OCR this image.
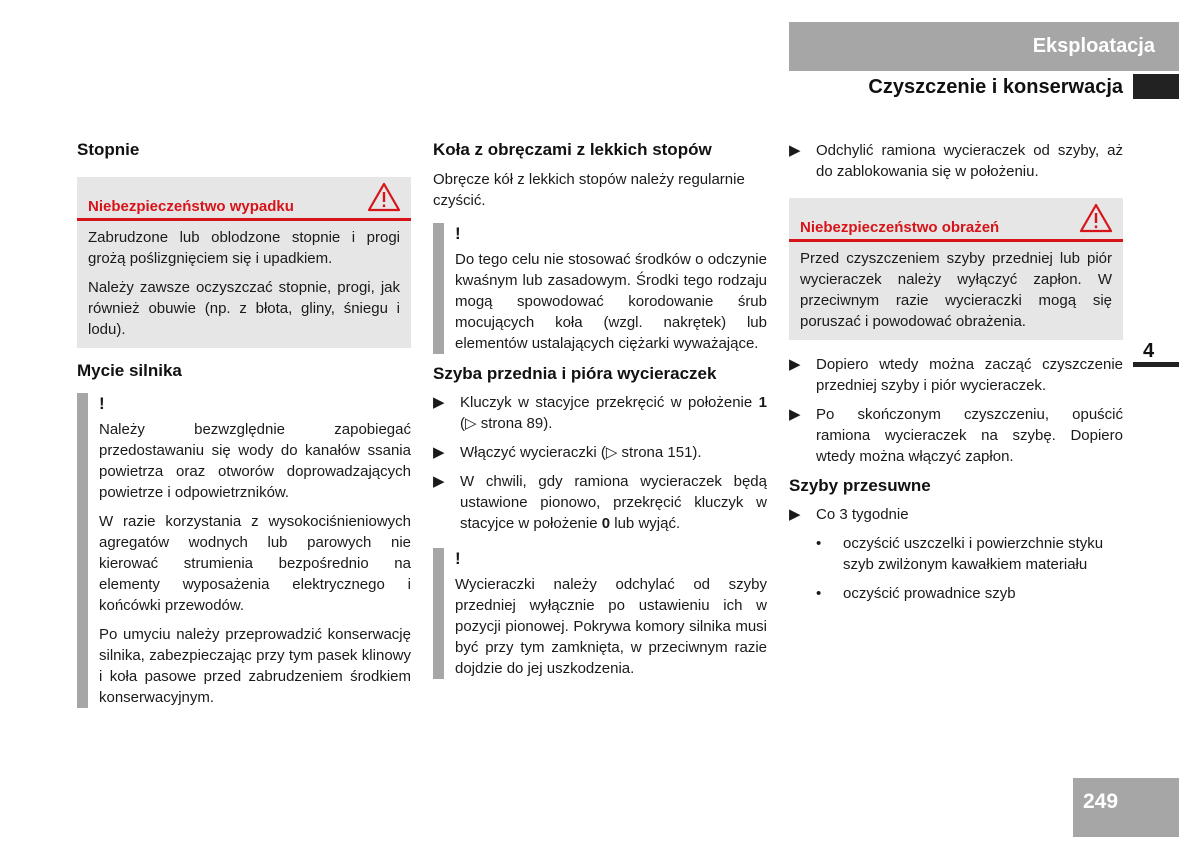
Eksploatacja
Czyszczenie i konserwacja
4
249
Stopnie
Niebezpieczeństwo wypadku

Zabrudzone lub oblodzone stopnie i progi grożą poślizgnięciem się i upadkiem.

Należy zawsze oczyszczać stopnie, progi, jak również obuwie (np. z błota, gliny, śniegu i lodu).

Mycie silnika
!

Należy bezwzględnie zapobiegać przedostawaniu się wody do kanałów ssania powietrza oraz otworów doprowadzających powietrze i odpowietrzników.

W razie korzystania z wysokociśnieniowych agregatów wodnych lub parowych nie kierować strumienia bezpośrednio na elementy wyposażenia elektrycznego i końcówki przewodów.

Po umyciu należy przeprowadzić konserwację silnika, zabezpieczając przy tym pasek klinowy i koła pasowe przed zabrudzeniem środkiem konserwacyjnym.

Koła z obręczami z lekkich stopów

Obręcze kół z lekkich stopów należy regularnie czyścić.

!

Do tego celu nie stosować środków o odczynie kwaśnym lub zasadowym. Środki tego rodzaju mogą spowodować korodowanie śrub mocujących koła (wzgl. nakrętek) lub elementów ustalających ciężarki wyważające.

Szyba przednia i pióra wycieraczek
▶	Kluczyk w stacyjce przekręcić w położenie 1 (▷ strona 89).

▶	Włączyć wycieraczki (▷ strona 151).

▶	W chwili, gdy ramiona wycieraczek będą ustawione pionowo, przekręcić kluczyk w stacyjce w położenie 0 lub wyjąć.

!

Wycieraczki należy odchylać od szyby przedniej wyłącznie po ustawieniu ich w pozycji pionowej. Pokrywa komory silnika musi być przy tym zamknięta, w przeciwnym razie dojdzie do jej uszkodzenia.

▶	Odchylić ramiona wycieraczek od szyby, aż do zablokowania się w położeniu.

Niebezpieczeństwo obrażeń

Przed czyszczeniem szyby przedniej lub piór wycieraczek należy wyłączyć zapłon. W przeciwnym razie wycieraczki mogą się poruszać i powodować obrażenia.

▶	Dopiero wtedy można zacząć czyszczenie przedniej szyby i piór wycieraczek.

▶	Po skończonym czyszczeniu, opuścić ramiona wycieraczek na szybę. Dopiero wtedy można włączyć zapłon.

Szyby przesuwne
▶	Co 3 tygodnie

•	oczyścić uszczelki i powierzchnie styku szyb zwilżonym kawałkiem materiału

•	oczyścić prowadnice szyb
